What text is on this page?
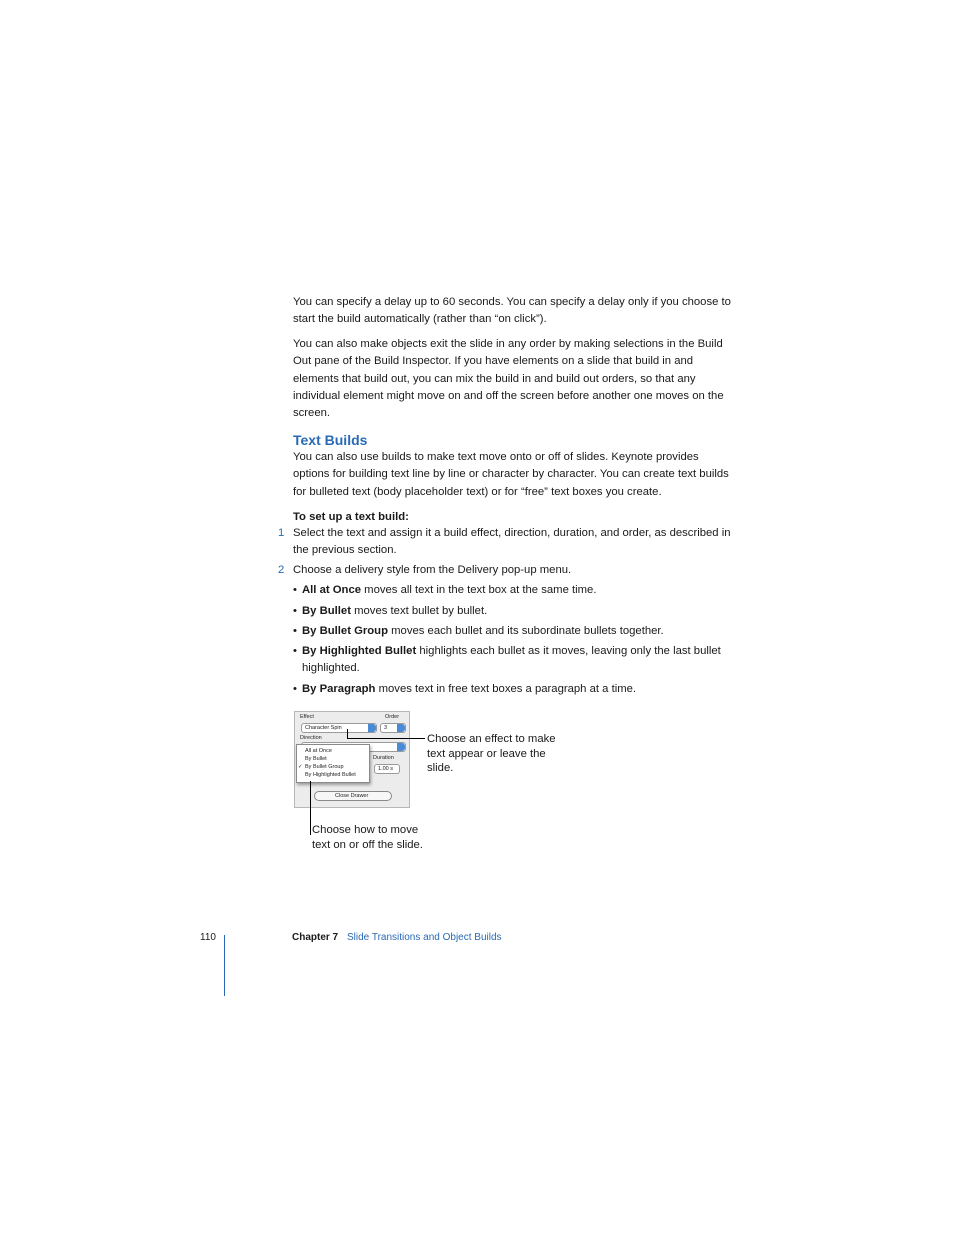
You can specify a delay up to 60 seconds. You can specify a delay only if you choose to start the build automatically (rather than “on click”).

You can also make objects exit the slide in any order by making selections in the Build Out pane of the Build Inspector. If you have elements on a slide that build in and elements that build out, you can mix the build in and build out orders, so that any individual element might move on and off the screen before another one moves on the screen.

Text Builds

You can also use builds to make text move onto or off of slides. Keynote provides options for building text line by line or character by character. You can create text builds for bulleted text (body placeholder text) or for “free” text boxes you create.

To set up a text build:
1 Select the text and assign it a build effect, direction, duration, and order, as described in the previous section.
2 Choose a delivery style from the Delivery pop-up menu.
• All at Once moves all text in the text box at the same time.
• By Bullet moves text bullet by bullet.
• By Bullet Group moves each bullet and its subordinate bullets together.
• By Highlighted Bullet highlights each bullet as it moves, leaving only the last bullet highlighted.
• By Paragraph moves text in free text boxes a paragraph at a time.
Effect	Order
Character Spin	3
Direction
Duration
1.00 s
All at Once
By Bullet
✓ By Bullet Group
By Highlighted Bullet
Close Drawer
Choose an effect to make text appear or leave the slide.
Choose how to move text on or off the slide.
110	Chapter 7 Slide Transitions and Object Builds
